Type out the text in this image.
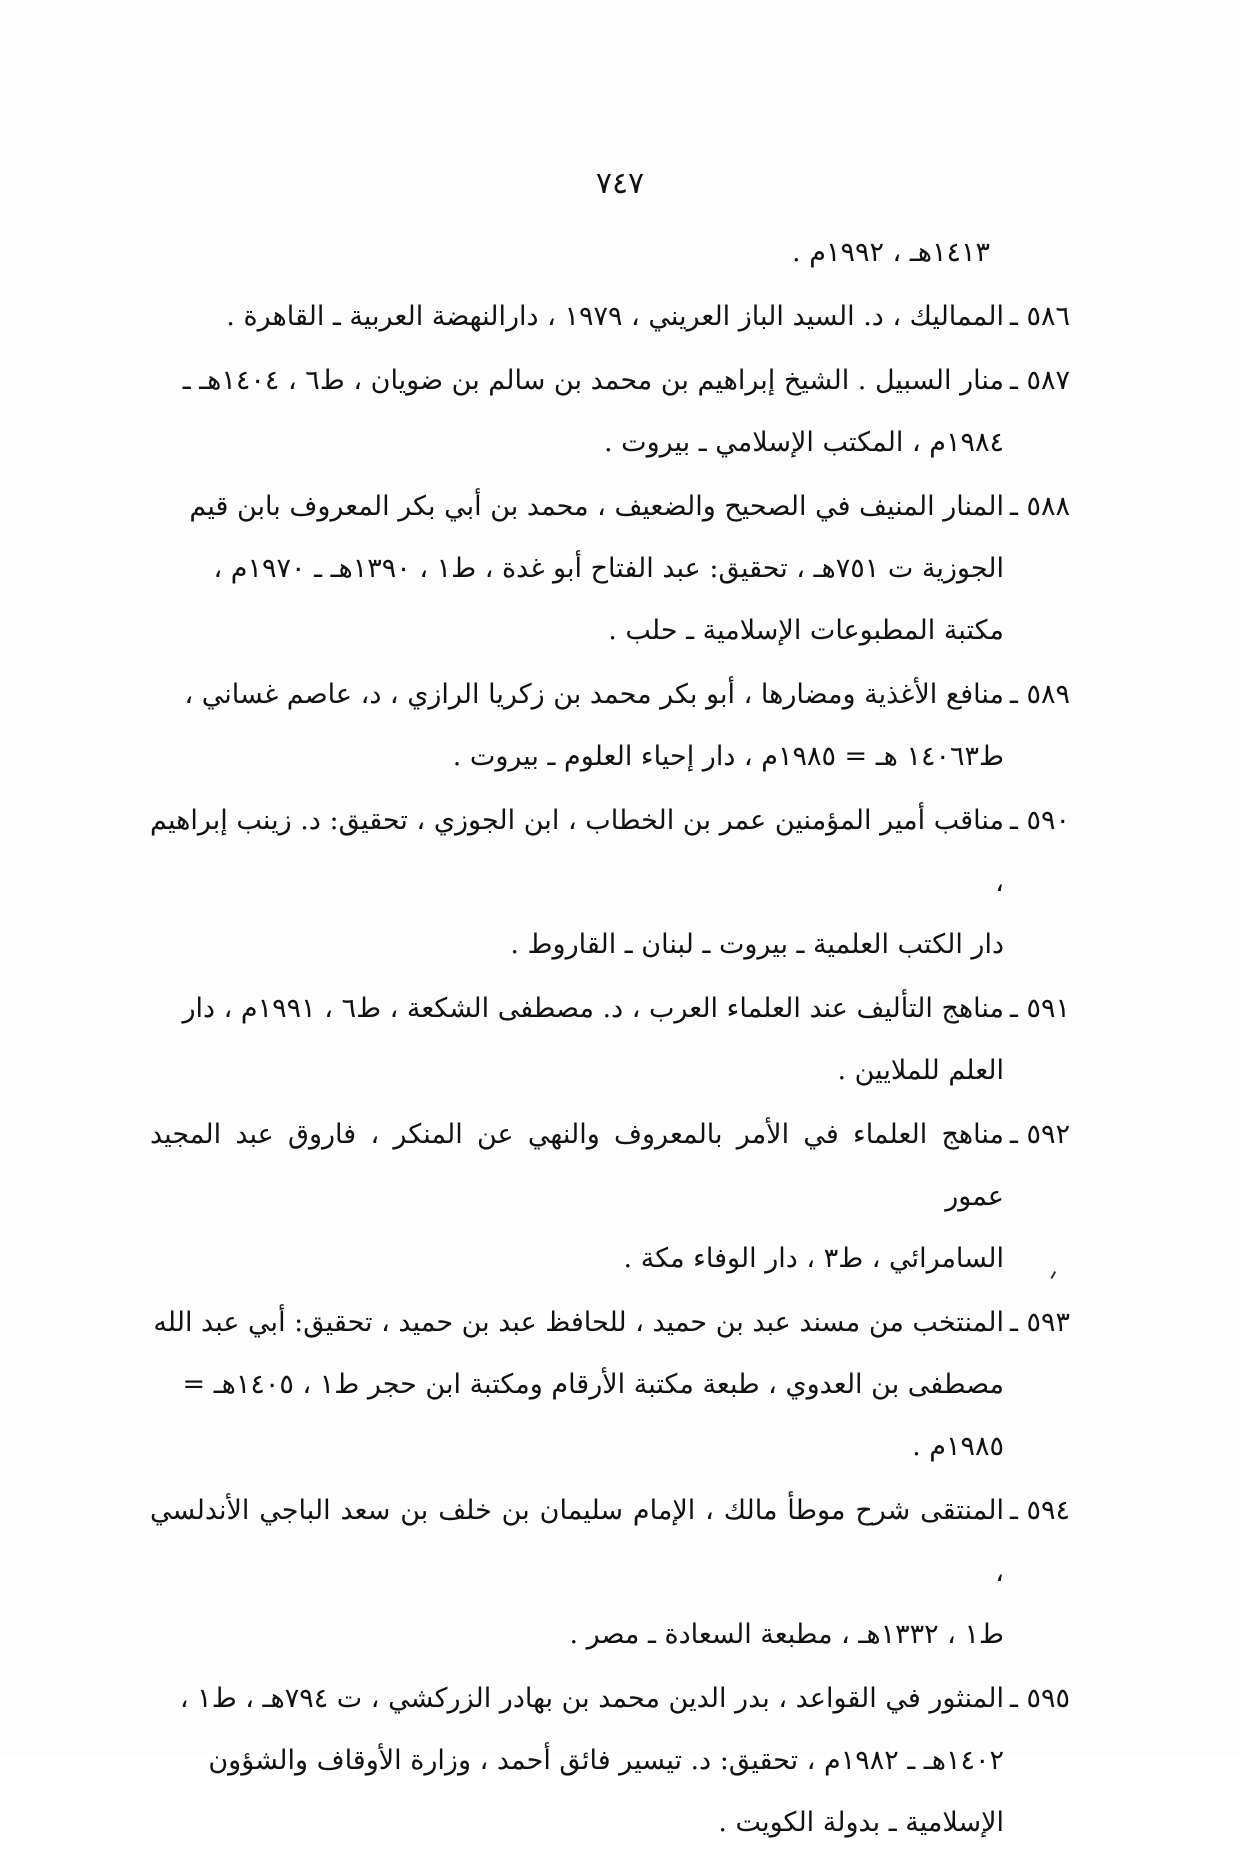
٧٤٧
١٤١٣هـ ، ١٩٩٢م .
٥٨٦ ـ
المماليك ، د. السيد الباز العريني ، ١٩٧٩ ، دارالنهضة العربية ـ القاهرة .
٥٨٧ ـ
منار السبيل . الشيخ إبراهيم بن محمد بن سالم بن ضويان ، ط٦ ، ١٤٠٤هـ ـ
١٩٨٤م ، المكتب الإسلامي ـ بيروت .
٥٨٨ ـ
المنار المنيف في الصحيح والضعيف ، محمد بن أبي بكر المعروف بابن قيم
الجوزية ت ٧٥١هـ ، تحقيق: عبد الفتاح أبو غدة ، ط١ ، ١٣٩٠هـ ـ ١٩٧٠م ،
مكتبة المطبوعات الإسلامية ـ حلب .
٥٨٩ ـ
منافع الأغذية ومضارها ، أبو بكر محمد بن زكريا الرازي ، د، عاصم غساني ،
ط١٤٠٦٣ هـ = ١٩٨٥م ، دار إحياء العلوم ـ بيروت .
٥٩٠ ـ
مناقب أمير المؤمنين عمر بن الخطاب ، ابن الجوزي ، تحقيق: د. زينب إبراهيم ،
دار الكتب العلمية ـ بيروت ـ لبنان ـ القاروط .
٥٩١ ـ
مناهج التأليف عند العلماء العرب ، د. مصطفى الشكعة ، ط٦ ، ١٩٩١م ، دار
العلم للملايين .
٥٩٢ ـ
مناهج العلماء في الأمر بالمعروف والنهي عن المنكر ، فاروق عبد المجيد عمور
السامرائي ، ط٣ ، دار الوفاء مكة .
٥٩٣ ـ
المنتخب من مسند عبد بن حميد ، للحافظ عبد بن حميد ، تحقيق: أبي عبد الله
مصطفى بن العدوي ، طبعة مكتبة الأرقام ومكتبة ابن حجر ط١ ، ١٤٠٥هـ =
١٩٨٥م .
٥٩٤ ـ
المنتقى شرح موطأ مالك ، الإمام سليمان بن خلف بن سعد الباجي الأندلسي ،
ط١ ، ١٣٣٢هـ ، مطبعة السعادة ـ مصر .
٥٩٥ ـ
المنثور في القواعد ، بدر الدين محمد بن بهادر الزركشي ، ت ٧٩٤هـ ، ط١ ،
١٤٠٢هـ ـ ١٩٨٢م ، تحقيق: د. تيسير فائق أحمد ، وزارة الأوقاف والشؤون
الإسلامية ـ بدولة الكويت .
